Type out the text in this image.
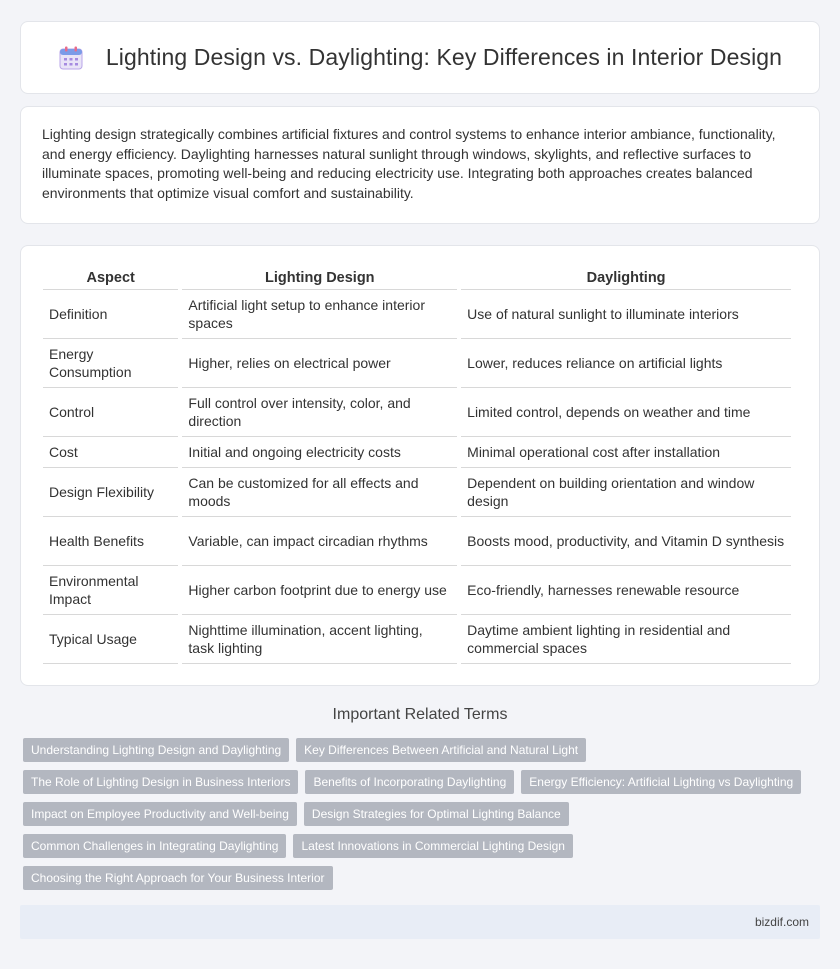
Lighting Design vs. Daylighting: Key Differences in Interior Design

Lighting design strategically combines artificial fixtures and control systems to enhance interior ambiance, functionality, and energy efficiency. Daylighting harnesses natural sunlight through windows, skylights, and reflective surfaces to illuminate spaces, promoting well-being and reducing electricity use. Integrating both approaches creates balanced environments that optimize visual comfort and sustainability.

Aspect	Lighting Design	Daylighting
Definition	Artificial light setup to enhance interior spaces	Use of natural sunlight to illuminate interiors
Energy Consumption	Higher, relies on electrical power	Lower, reduces reliance on artificial lights
Control	Full control over intensity, color, and direction	Limited control, depends on weather and time
Cost	Initial and ongoing electricity costs	Minimal operational cost after installation
Design Flexibility	Can be customized for all effects and moods	Dependent on building orientation and window design
Health Benefits	Variable, can impact circadian rhythms	Boosts mood, productivity, and Vitamin D synthesis
Environmental Impact	Higher carbon footprint due to energy use	Eco-friendly, harnesses renewable resource
Typical Usage	Nighttime illumination, accent lighting, task lighting	Daytime ambient lighting in residential and commercial spaces
Important Related Terms
Understanding Lighting Design and Daylighting	Key Differences Between Artificial and Natural Light
The Role of Lighting Design in Business Interiors	Benefits of Incorporating Daylighting	Energy Efficiency: Artificial Lighting vs Daylighting
Impact on Employee Productivity and Well-being	Design Strategies for Optimal Lighting Balance
Common Challenges in Integrating Daylighting	Latest Innovations in Commercial Lighting Design
Choosing the Right Approach for Your Business Interior
bizdif.com
